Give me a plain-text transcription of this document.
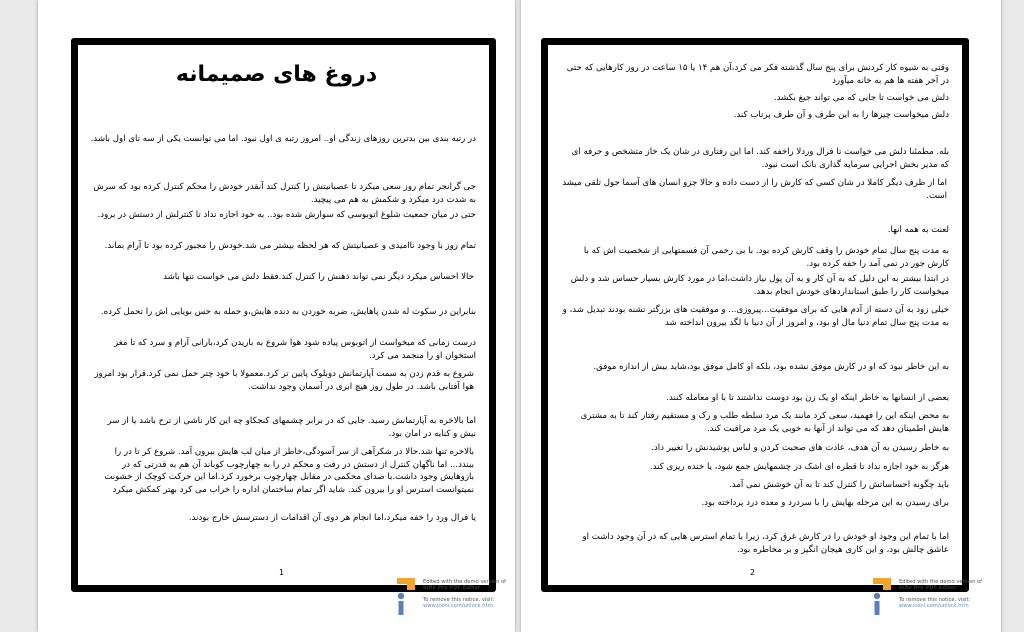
دروغ های صمیمانه
در رتبه بندی بین بدترین روزهای زندگی او.. امروز رتبه ی اول نبود. اما می توانست یکی از سه تای اول باشد.
جی گرانجر تمام روز سعی میکرد تا عصبانیتش را کنترل کند آنقدر خودش را محکم کنترل کرده بود که سرش به شدت درد میکرد و شکمش به هم می پیچید.
حتی در میان جمعیت شلوغ اتوبوسی که سوارش شده بود.. به خود اجازه نداد تا کنترلش از دستش در برود.
تمام روز با وجود ناامیدی و عصبانیتش که هر لحظه بیشتر می شد.خودش را مجبور کرده بود تا آرام بماند.
حالا احساس میکرد دیگر نمی تواند ذهنش را کنترل کند.فقط دلش می خواست تنها باشد
بنابراین در سکوت له شدن پاهایش، ضربه خوردن به دنده هایش،و حمله به حس بویایی اش را تحمل کرده.
درست زمانی که میخواست از اتوبوس پیاده شود هوا شروع به باریدن کرد،بارانی آرام و سرد که تا مغز استخوان او را منجمد می کرد.
شروع به قدم زدن به سمت آپارتمانش دوبلوک پایین تر کرد.معمولا با خود چتر حمل نمی کرد.قرار بود امروز هوا آفتابی باشد. در طول روز هیچ ابری در آسمان وجود نداشت.
اما بالاخره به آپارتمانش رسید. جایی که در برابر چشمهای کنجکاو چه این کار ناشی از ترح باشد یا از سر نیش و کنایه در امان بود.
بالاخره تنها شد.حالا در شکرآهی از سر آسودگی،خاطر از میان لب هایش بیرون آمد. شروع کر تا در را ببندد... اما ناگهان کنترل از دستش در رفت و محکم در را به چهارچوب کوباند آن هم به قدرتی که در بازوهایش وجود داشت.با صدای محکمی در مقابل چهارچوب برخورد کرد.اما این حرکت کوچک از خشونت نمیتوانست استرس او را بیرون کند. شاید اگر تمام ساختمان اداره را خراب می کرد بهتر کمکش میکرد
یا فرال ورد را خفه میکرد،اما انجام هر دوی آن اقدامات از دسترسش خارج بودند.
1
Edited with the demo version of
Infix Pro PDF Editor
To remove this notice, visit:
www.iceni.com/unlock.htm
وقتی به شیوه کار کردنش برای پنج سال گذشته فکر می کرد،آن هم ۱۴ یا ۱۵ ساعت در روز کارهایی که حتی در آخر هفته ها هم به خانه میآورد
دلش می خواست تا جایی که می تواند جیغ بکشد.
دلش میخواست چیزها را به این طرف و آن طرف پرتاب کند.
بله. مطمئنا دلش می خواست تا فرال وردلا راخفه کند. اما این رفتاری در شان یک خاز متشخص و حرفه ای که مدیر بخش اجرایی سرمایه گذاری بانک است نبود.
اما از طرف دیگر کاملا در شان کسی که کارش را از دست داده و حالا جزو انسان های آسما جول تلقی میشد است.
لعنت به همه انها.
به مدت پنج سال تمام خودش را وقف کارش کرده بود. با بی رحمی آن فسمتهایی از شخصیت اش که با کارش جور در نمی آمد را خفه کرده بود.
در ابتدا بیشتر به این دلیل که به آن کار و به آن پول نیاز داشت،اما در مورد کارش بسیار حساس شد و دلش میخواست کار را طبق استانداردهای خودش انجام بدهد.
خیلی زود به آن دسته از آدم هایی که برای موفقیت...پیروزی... و موفقیت های بزرگتر تشنه بودند تبدیل شد، و به مدت پنج سال تمام دنیا مال او بود، و امروز از آن دنیا با لگد بیرون انداخته شد
به این خاطر نبود که او در کارش موفق نشده بود، بلکه او کامل موفق بود،شاید بیش از اندازه موفق.
بعضی از انسانها به خاطر اینکه او یک زن بود دوست نداشتند تا با او معامله کنند.
به محض اینکه این را فهمید، سعی کرد مانند یک مرد سلطه طلب و رک و مستقیم رفتار کند تا به مشتری هایش اطمینان دهد که می تواند از آنها به خوبی یک مرد مراقبت کند.
به خاطر رسیدن به آن هدف، عادت های صحبت کردن و لباس پوشیدنش را تغییر داد.
هرگز به خود اجازه نداد تا قطره ای اشک در چشمهایش جمع شود، یا خنده ریزی کند.
باید چگونه احساساتش را کنترل کند تا به آن خوشش نمی آمد.
برای رسیدن به این مرحله بهایش را با سردرد و معده درد پرداخته بود.
اما با تمام این وجود او خودش را در کارش غرق کرد، زیرا با تمام استرس هایی که در آن وجود داشت او عاشق چالش بود، و این کاری هیجان انگیز و بر مخاطره بود.
2
Edited with the demo version of
Infix Pro PDF Editor
To remove this notice, visit:
www.iceni.com/unlock.htm
